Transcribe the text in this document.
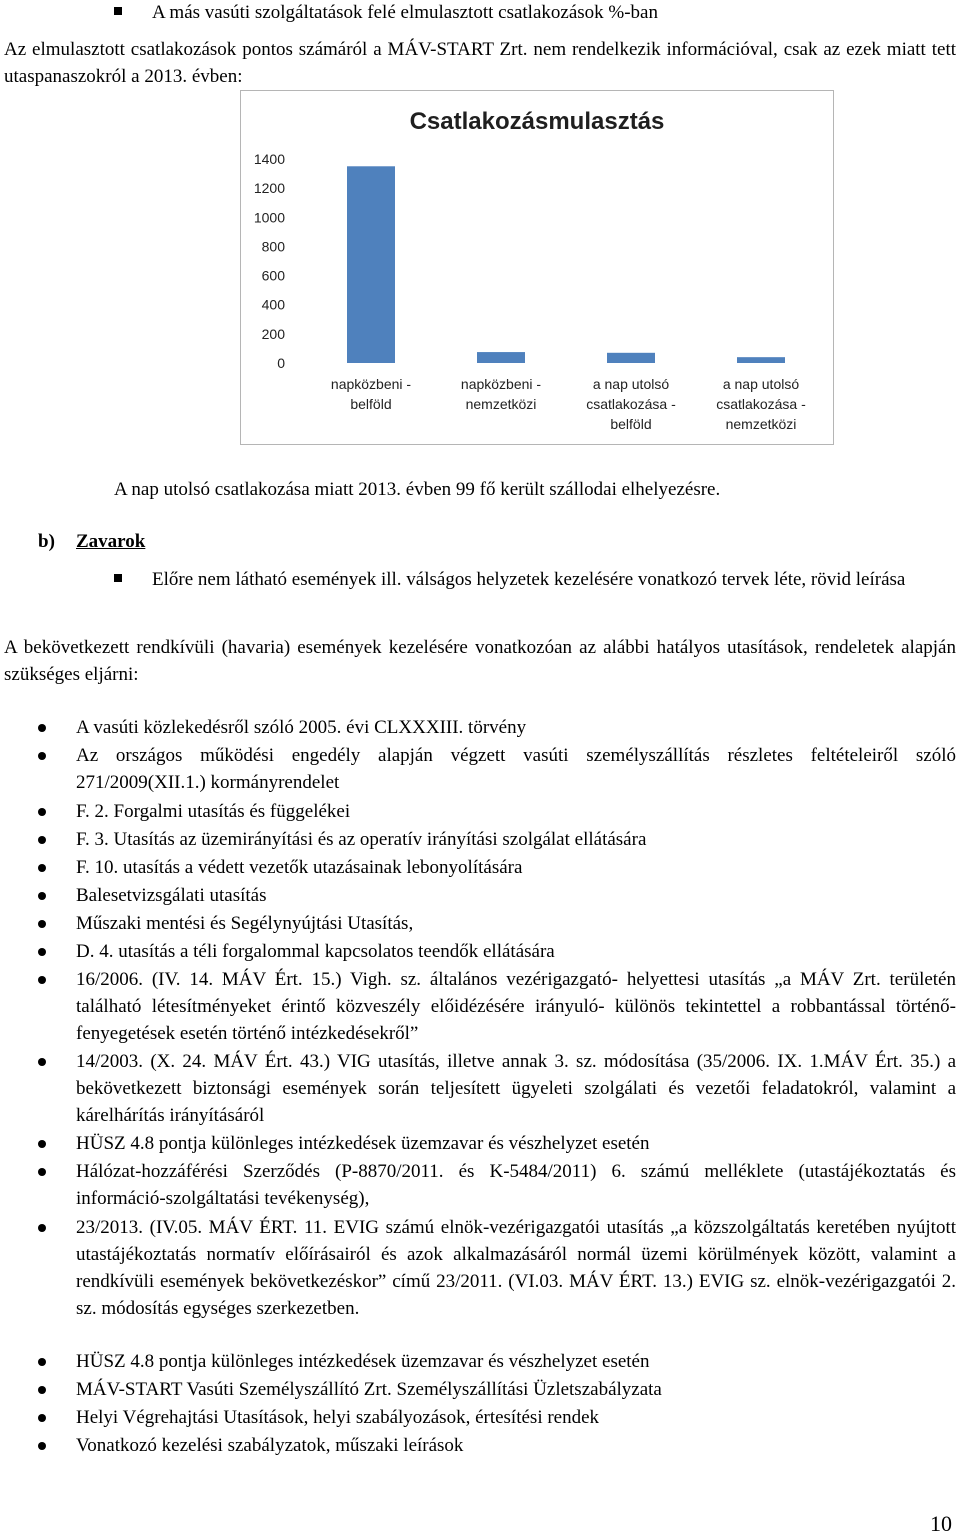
A más vasúti szolgáltatások felé elmulasztott csatlakozások %-ban
Az elmulasztott csatlakozások pontos számáról a MÁV-START Zrt. nem rendelkezik információval, csak az ezek miatt tett utaspanaszokról a 2013. évben:
Csatlakozásmulasztás
0
200
400
600
800
1000
1200
1400
napközbeni -belföld
napközbeni -nemzetközi
a nap utolsó csatlakozása -belföld
a nap utolsó csatlakozása -nemzetközi
A nap utolsó csatlakozása miatt 2013. évben 99 fő került szállodai elhelyezésre.
b) Zavarok
Előre nem látható események ill. válságos helyzetek kezelésére vonatkozó tervek léte, rövid leírása
A bekövetkezett rendkívüli (havaria) események kezelésére vonatkozóan az alábbi hatályos utasítások, rendeletek alapján szükséges eljárni:
A vasúti közlekedésről szóló 2005. évi CLXXXIII. törvény
Az országos működési engedély alapján végzett vasúti személyszállítás részletes feltételeiről szóló 271/2009(XII.1.) kormányrendelet
F. 2. Forgalmi utasítás és függelékei
F. 3. Utasítás az üzemirányítási és az operatív irányítási szolgálat ellátására
F. 10. utasítás a védett vezetők utazásainak lebonyolítására
Balesetvizsgálati utasítás
Műszaki mentési és Segélynyújtási Utasítás,
D. 4. utasítás a téli forgalommal kapcsolatos teendők ellátására
16/2006. (IV. 14. MÁV Ért. 15.) Vigh. sz. általános vezérigazgató- helyettesi utasítás „a MÁV Zrt. területén található létesítményeket érintő közveszély előidézésére irányuló- különös tekintettel a robbantással történő- fenyegetések esetén történő intézkedésekről”
14/2003. (X. 24. MÁV Ért. 43.) VIG utasítás, illetve annak 3. sz. módosítása (35/2006. IX. 1.MÁV Ért. 35.) a bekövetkezett biztonsági események során teljesített ügyeleti szolgálati és vezetői feladatokról, valamint a kárelhárítás irányításáról
HÜSZ 4.8 pontja különleges intézkedések üzemzavar és vészhelyzet esetén
Hálózat-hozzáférési Szerződés (P-8870/2011. és K-5484/2011) 6. számú melléklete (utastájékoztatás és információ-szolgáltatási tevékenység),
23/2013. (IV.05. MÁV ÉRT. 11. EVIG számú elnök-vezérigazgatói utasítás „a közszolgáltatás keretében nyújtott utastájékoztatás normatív előírásairól és azok alkalmazásáról normál üzemi körülmények között, valamint a rendkívüli események bekövetkezéskor” című 23/2011. (VI.03. MÁV ÉRT. 13.) EVIG sz. elnök-vezérigazgatói 2. sz. módosítás egységes szerkezetben.
HÜSZ 4.8 pontja különleges intézkedések üzemzavar és vészhelyzet esetén
MÁV-START Vasúti Személyszállító Zrt. Személyszállítási Üzletszabályzata
Helyi Végrehajtási Utasítások, helyi szabályozások, értesítési rendek
Vonatkozó kezelési szabályzatok, műszaki leírások
10
